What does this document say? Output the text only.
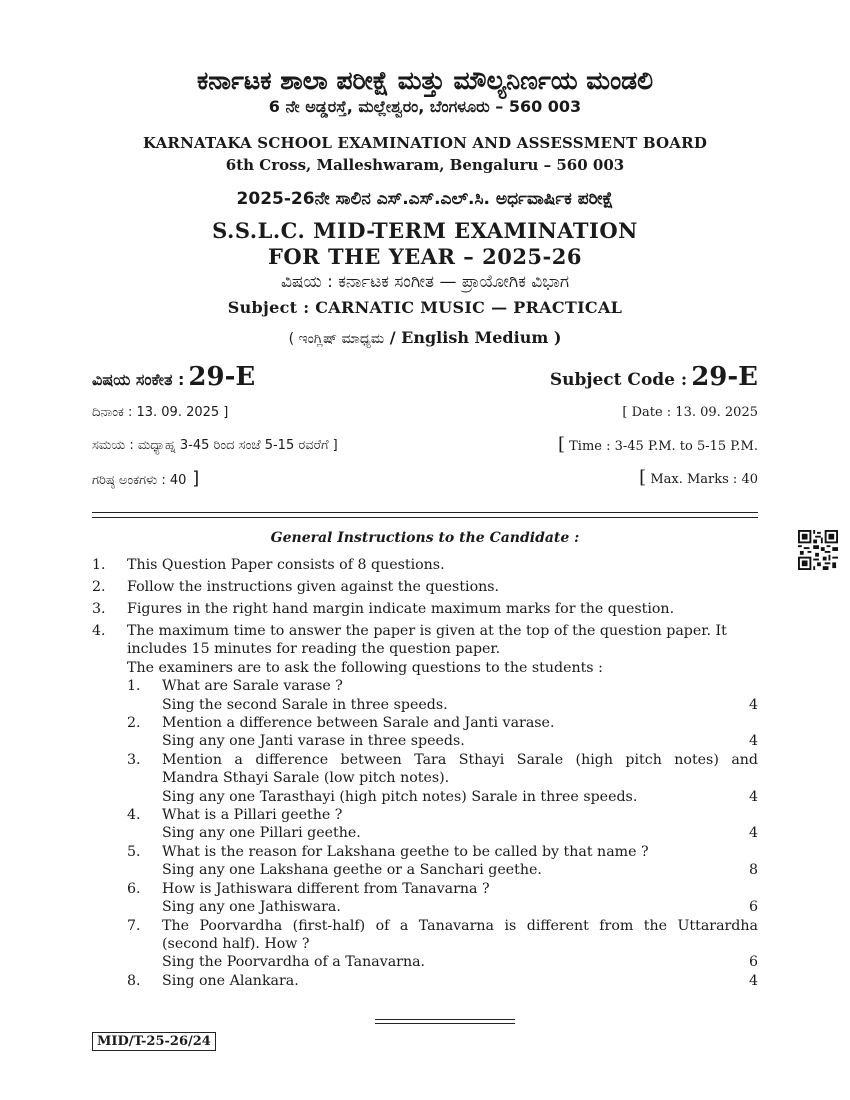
ಕರ್ನಾಟಕ ಶಾಲಾ ಪರೀಕ್ಷೆ ಮತ್ತು ಮೌಲ್ಯನಿರ್ಣಯ ಮಂಡಲಿ
6 ನೇ ಅಡ್ಡರಸ್ತೆ, ಮಲ್ಲೇಶ್ವರಂ, ಬೆಂಗಳೂರು – 560 003
KARNATAKA SCHOOL EXAMINATION AND ASSESSMENT BOARD
6th Cross, Malleshwaram, Bengaluru – 560 003
2025-26ನೇ ಸಾಲಿನ ಎಸ್.ಎಸ್.ಎಲ್.ಸಿ. ಅರ್ಧವಾರ್ಷಿಕ ಪರೀಕ್ಷೆ
S.S.L.C. MID-TERM EXAMINATION
FOR THE YEAR – 2025-26
ವಿಷಯ : ಕರ್ನಾಟಕ ಸಂಗೀತ — ಪ್ರಾಯೋಗಿಕ ವಿಭಾಗ
Subject : CARNATIC MUSIC — PRACTICAL
( ಇಂಗ್ಲಿಷ್ ಮಾಧ್ಯಮ / English Medium )
ವಿಷಯ ಸಂಕೇತ : 29-E	Subject Code : 29-E
ದಿನಾಂಕ : 13. 09. 2025 ]	[ Date : 13. 09. 2025
ಸಮಯ : ಮಧ್ಯಾಹ್ನ 3-45 ರಿಂದ ಸಂಜೆ 5-15 ರವರೆಗೆ ]	[ Time : 3-45 P.M. to 5-15 P.M.
ಗರಿಷ್ಠ ಅಂಕಗಳು : 40 ]	[ Max. Marks : 40
General Instructions to the Candidate :
1. This Question Paper consists of 8 questions.
2. Follow the instructions given against the questions.
3. Figures in the right hand margin indicate maximum marks for the question.
4. The maximum time to answer the paper is given at the top of the question paper. It includes 15 minutes for reading the question paper.
The examiners are to ask the following questions to the students :
1. What are Sarale varase ?
Sing the second Sarale in three speeds.	4
2. Mention a difference between Sarale and Janti varase.
Sing any one Janti varase in three speeds.	4
3. Mention a difference between Tara Sthayi Sarale (high pitch notes) and
Mandra Sthayi Sarale (low pitch notes).
Sing any one Tarasthayi (high pitch notes) Sarale in three speeds.	4
4. What is a Pillari geethe ?
Sing any one Pillari geethe.	4
5. What is the reason for Lakshana geethe to be called by that name ?
Sing any one Lakshana geethe or a Sanchari geethe.	8
6. How is Jathiswara different from Tanavarna ?
Sing any one Jathiswara.	6
7. The Poorvardha (first-half) of a Tanavarna is different from the Uttarardha
(second half). How ?
Sing the Poorvardha of a Tanavarna.	6
8. Sing one Alankara.	4
MID/T-25-26/24
